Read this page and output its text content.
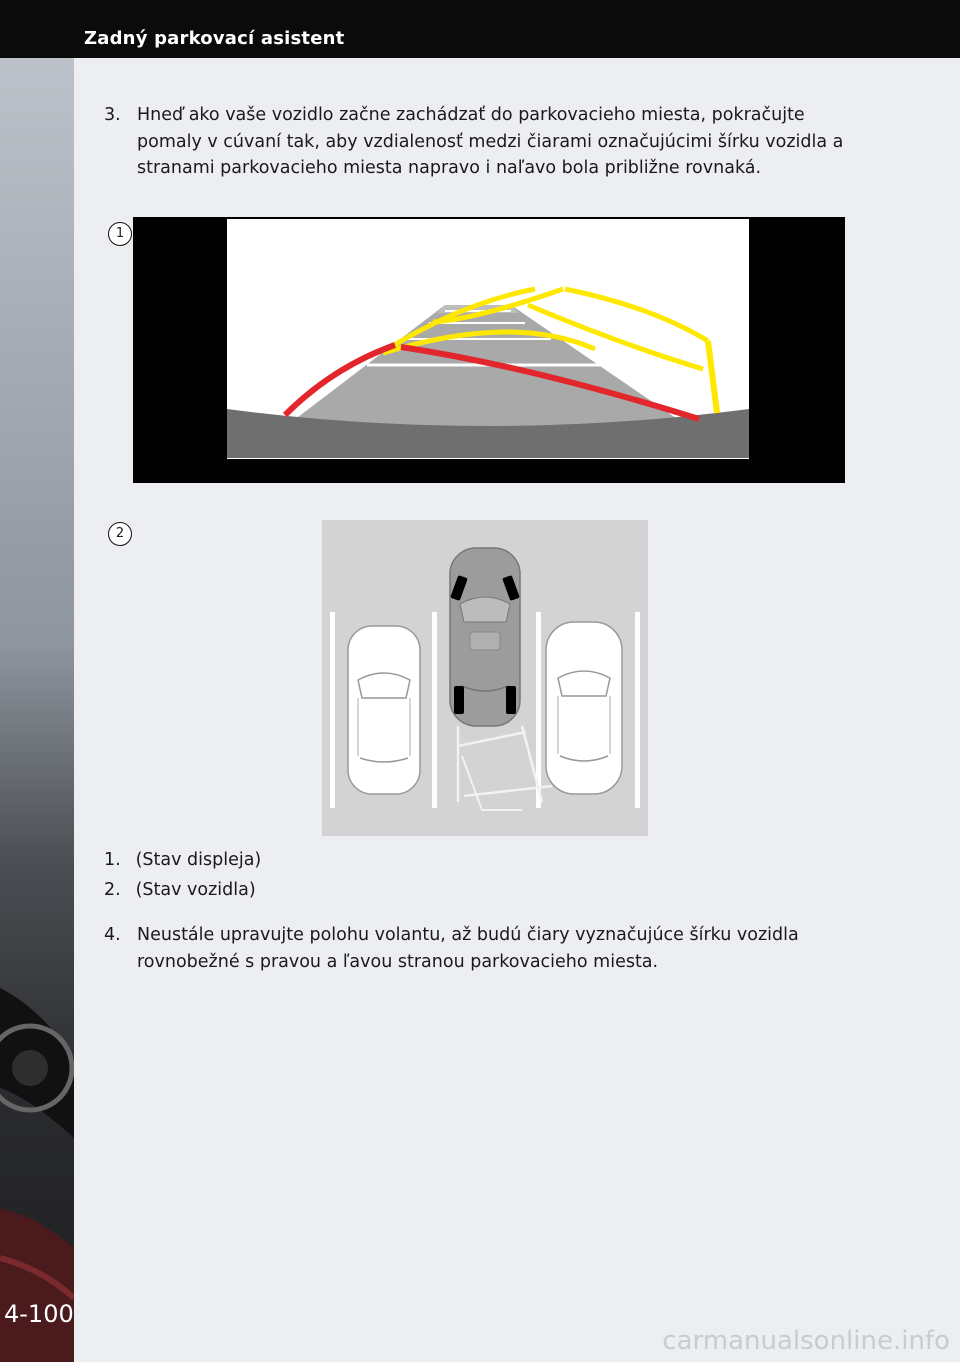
Zadný parkovací asistent
4-100
3. Hneď ako vaše vozidlo začne zachádzať do parkovacieho miesta, pokračujte pomaly v cúvaní tak, aby vzdialenosť medzi čiarami označujúcimi šírku vozidla a stranami parkovacieho miesta napravo i naľavo bola približne rovnaká.
1
2
1. (Stav displeja)
2. (Stav vozidla)
4. Neustále upravujte polohu volantu, až budú čiary vyznačujúce šírku vozidla rovnobežné s pravou a ľavou stranou parkovacieho miesta.
carmanualsonline.info
